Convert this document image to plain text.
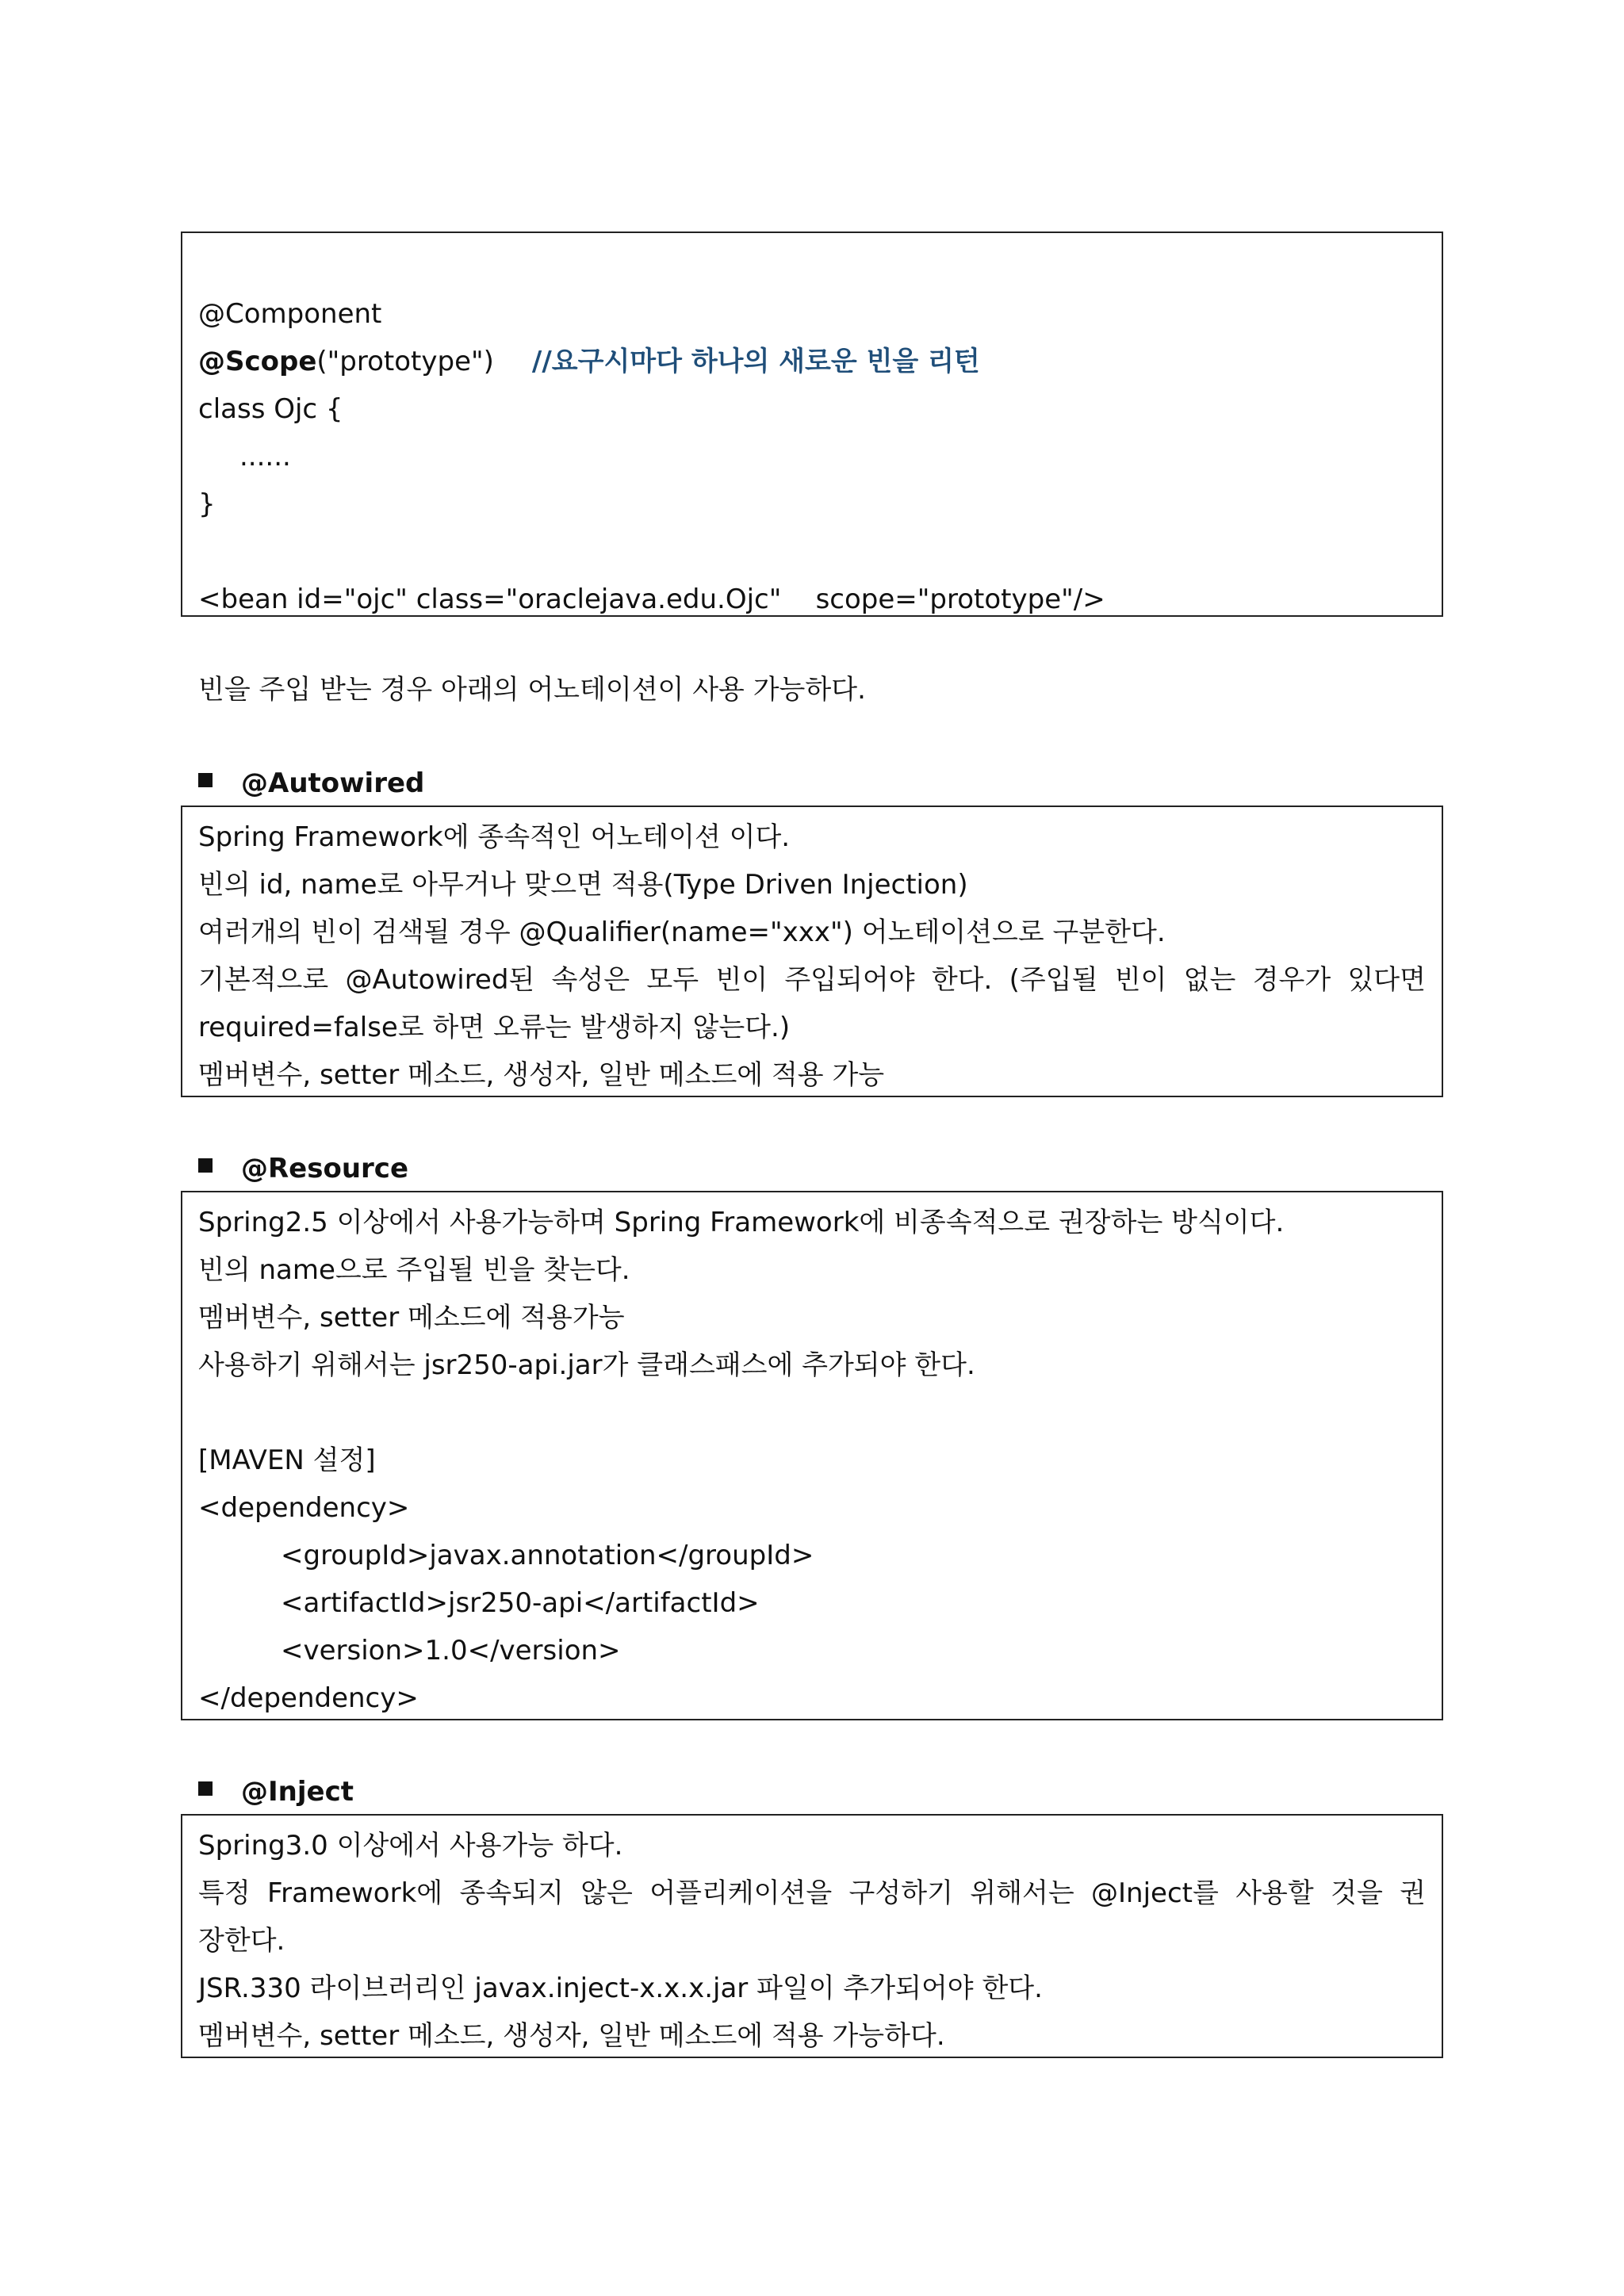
@Component
@Scope("prototype") //요구시마다 하나의 새로운 빈을 리턴
class Ojc {
......
}
<bean id="ojc" class="oraclejava.edu.Ojc"    scope="prototype"/>
빈을 주입 받는 경우 아래의 어노테이션이 사용 가능하다.
@Autowired
Spring Framework에 종속적인 어노테이션 이다.
빈의 id, name로 아무거나 맞으면 적용(Type Driven Injection)
여러개의 빈이 검색될 경우 @Qualifier(name="xxx") 어노테이션으로 구분한다.
기본적으로 @Autowired된 속성은 모두 빈이 주입되어야 한다. (주입될 빈이 없는 경우가 있다면
required=false로 하면 오류는 발생하지 않는다.)
멤버변수, setter 메소드, 생성자, 일반 메소드에 적용 가능
@Resource
Spring2.5 이상에서 사용가능하며 Spring Framework에 비종속적으로 권장하는 방식이다.
빈의 name으로 주입될 빈을 찾는다.
멤버변수, setter 메소드에 적용가능
사용하기 위해서는 jsr250-api.jar가 클래스패스에 추가되야 한다.
[MAVEN 설정]
<dependency>
<groupId>javax.annotation</groupId>
<artifactId>jsr250-api</artifactId>
<version>1.0</version>
</dependency>
@Inject
Spring3.0 이상에서 사용가능 하다.
특정 Framework에 종속되지 않은 어플리케이션을 구성하기 위해서는 @Inject를 사용할 것을 권
장한다.
JSR.330 라이브러리인 javax.inject-x.x.x.jar 파일이 추가되어야 한다.
멤버변수, setter 메소드, 생성자, 일반 메소드에 적용 가능하다.
